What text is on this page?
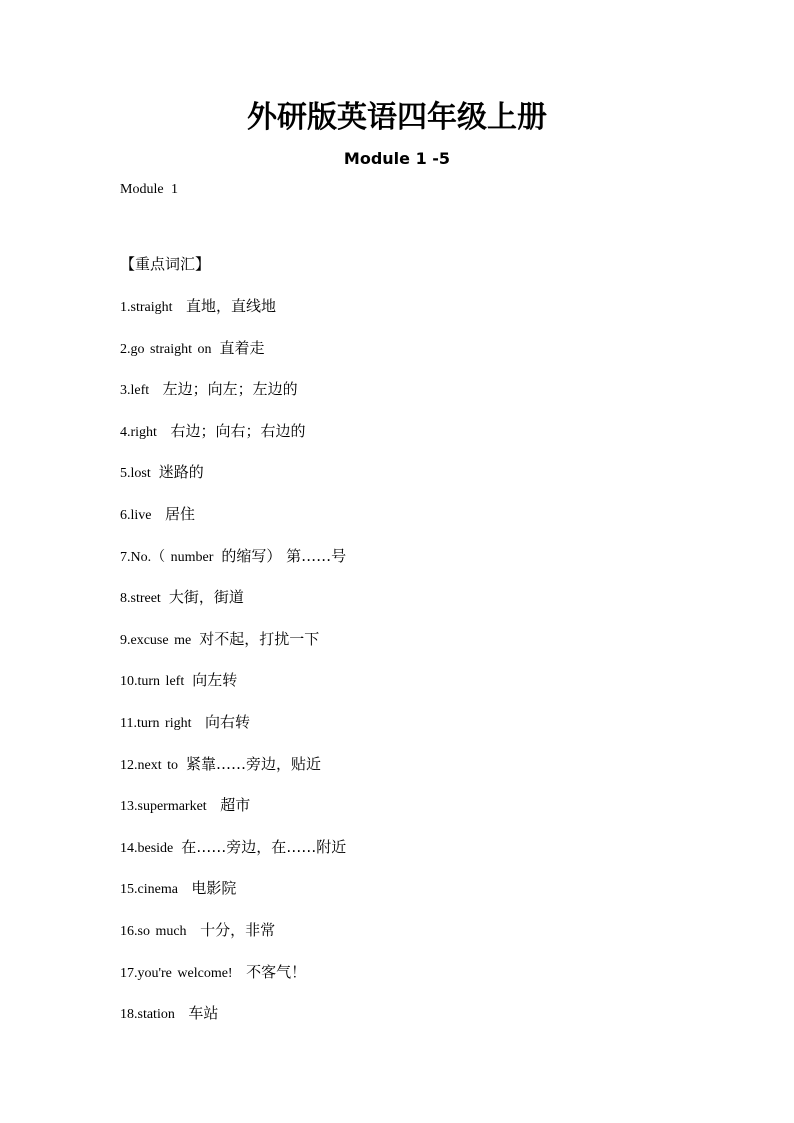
外研版英语四年级上册
Module 1 -5
Module 1
【重点词汇】
1.straight 直地，直线地
2.go straight on 直着走
3.left 左边；向左；左边的
4.right 右边；向右；右边的
5.lost 迷路的
6.live 居住
7.No.（ number 的缩写） 第……号
8.street 大街，街道
9.excuse me 对不起，打扰一下
10.turn left 向左转
11.turn right 向右转
12.next to 紧靠……旁边，贴近
13.supermarket 超市
14.beside 在……旁边，在……附近
15.cinema 电影院
16.so much 十分，非常
17.you're welcome! 不客气！
18.station 车站
